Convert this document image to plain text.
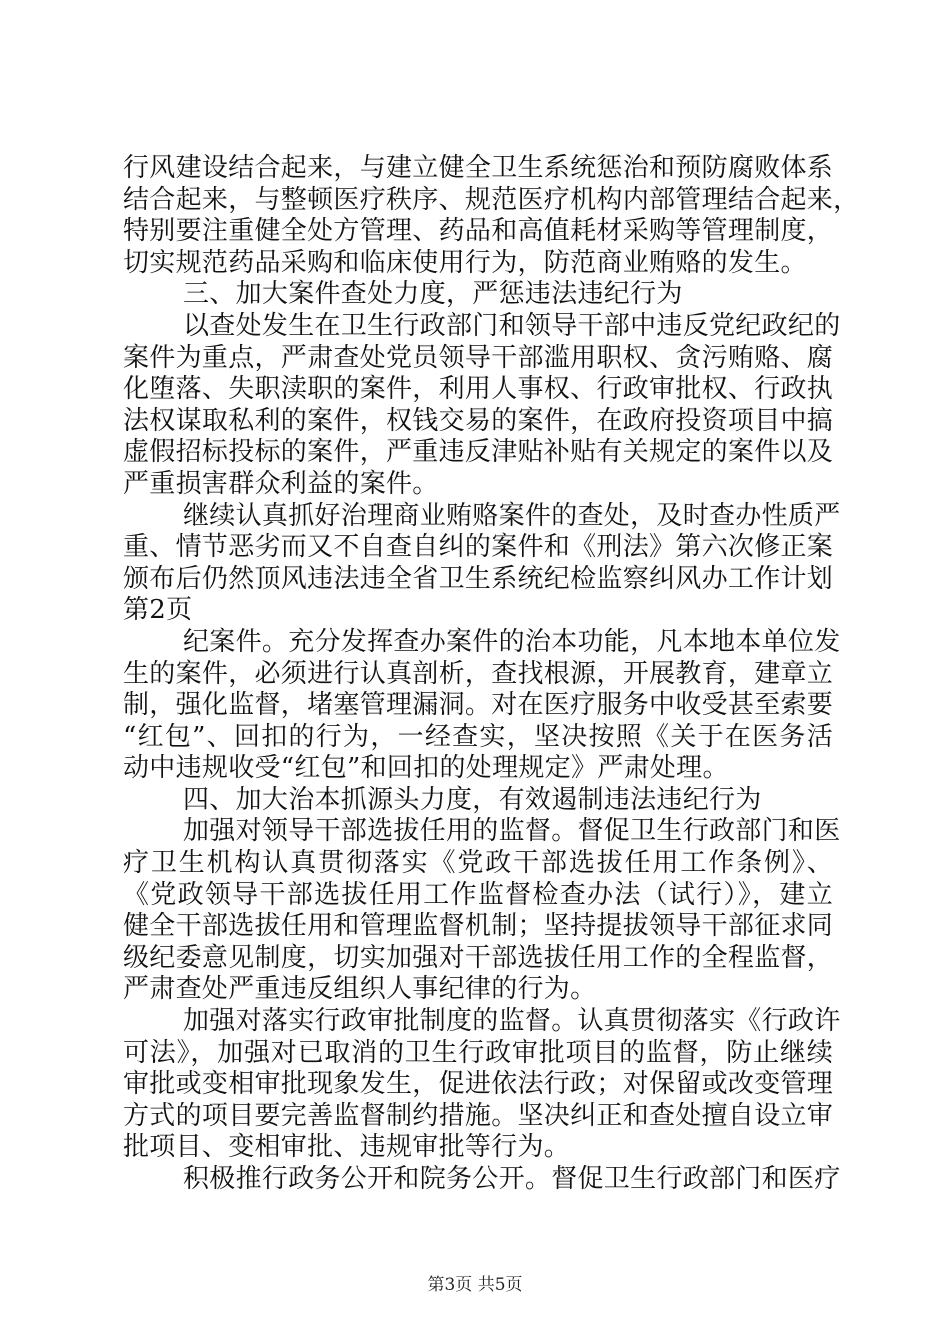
行风建设结合起来，与建立健全卫生系统惩治和预防腐败体系
结合起来，与整顿医疗秩序、规范医疗机构内部管理结合起来，
特别要注重健全处方管理、药品和高值耗材采购等管理制度，
切实规范药品采购和临床使用行为，防范商业贿赂的发生。
三、加大案件查处力度，严惩违法违纪行为
以查处发生在卫生行政部门和领导干部中违反党纪政纪的
案件为重点，严肃查处党员领导干部滥用职权、贪污贿赂、腐
化堕落、失职渎职的案件，利用人事权、行政审批权、行政执
法权谋取私利的案件，权钱交易的案件，在政府投资项目中搞
虚假招标投标的案件，严重违反津贴补贴有关规定的案件以及
严重损害群众利益的案件。
继续认真抓好治理商业贿赂案件的查处，及时查办性质严
重、情节恶劣而又不自查自纠的案件和《刑法》第六次修正案
颁布后仍然顶风违法违全省卫生系统纪检监察纠风办工作计划
第2页
纪案件。充分发挥查办案件的治本功能，凡本地本单位发
生的案件，必须进行认真剖析，查找根源，开展教育，建章立
制，强化监督，堵塞管理漏洞。对在医疗服务中收受甚至索要
“红包”、回扣的行为，一经查实，坚决按照《关于在医务活
动中违规收受“红包”和回扣的处理规定》严肃处理。
四、加大治本抓源头力度，有效遏制违法违纪行为
加强对领导干部选拔任用的监督。督促卫生行政部门和医
疗卫生机构认真贯彻落实《党政干部选拔任用工作条例》、
《党政领导干部选拔任用工作监督检查办法（试行）》，建立
健全干部选拔任用和管理监督机制；坚持提拔领导干部征求同
级纪委意见制度，切实加强对干部选拔任用工作的全程监督，
严肃查处严重违反组织人事纪律的行为。
加强对落实行政审批制度的监督。认真贯彻落实《行政许
可法》，加强对已取消的卫生行政审批项目的监督，防止继续
审批或变相审批现象发生，促进依法行政；对保留或改变管理
方式的项目要完善监督制约措施。坚决纠正和查处擅自设立审
批项目、变相审批、违规审批等行为。
积极推行政务公开和院务公开。督促卫生行政部门和医疗
第3页 共5页
